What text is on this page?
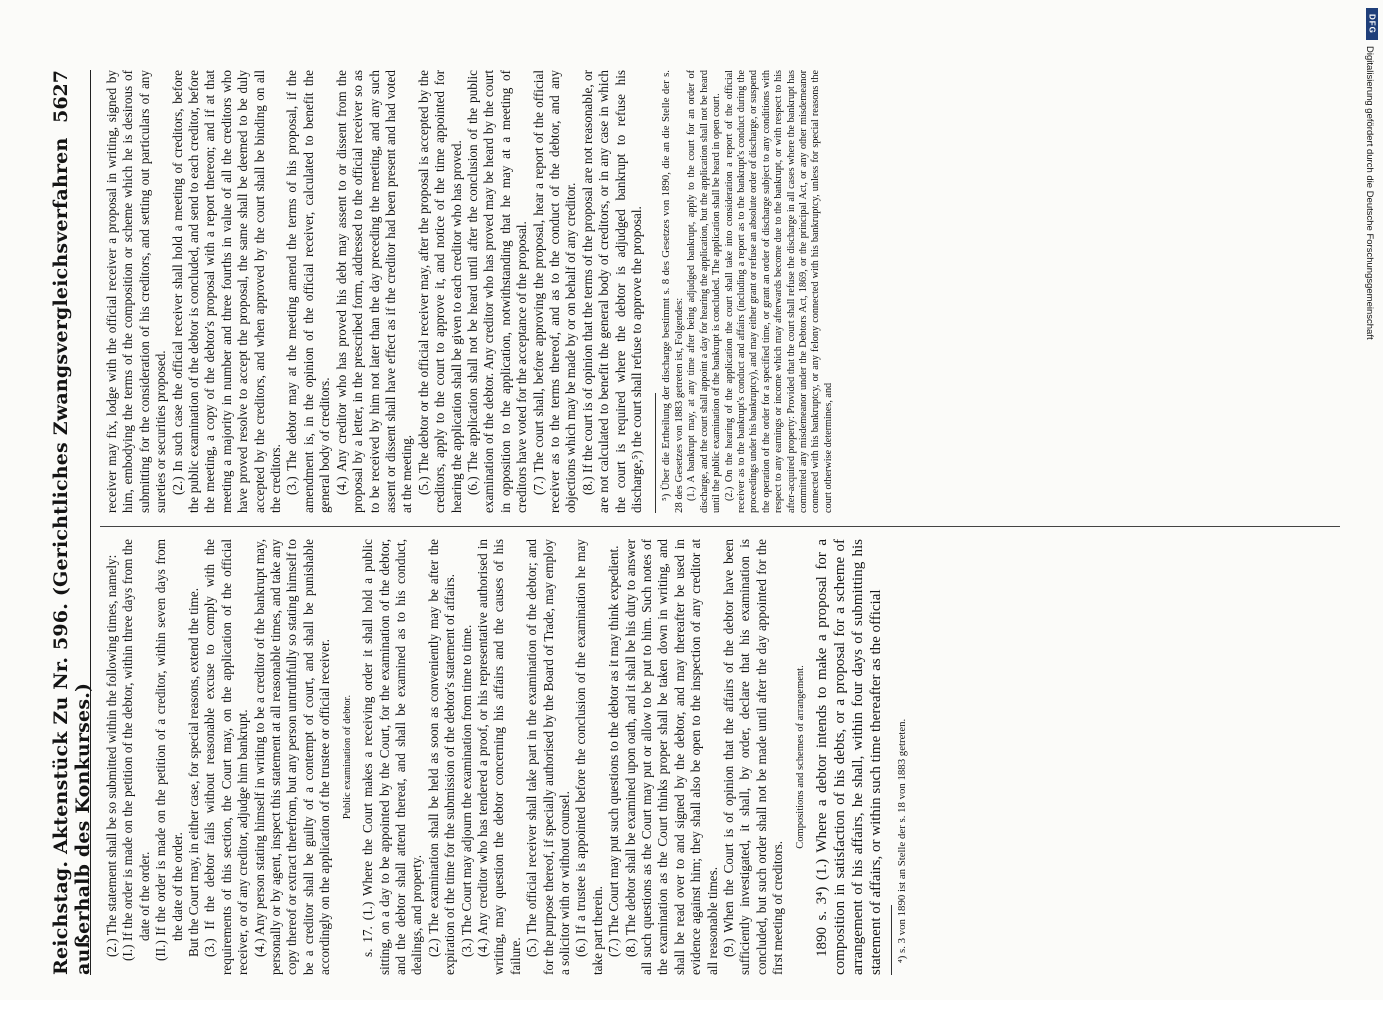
Reichstag. Aktenstück Zu Nr. 596. (Gerichtliches Zwangsvergleichsverfahren außerhalb des Konkurses.)
5627

(2.) The statement shall be so submitted within the following times, namely: (I.) If the order is made on the petition of the debtor, within three days from the date of the order. (II.) If the order is made on the petition of a creditor, within seven days from the date of the order. But the Court may, in either case, for special reasons, extend the time. (3.) If the debtor fails without reasonable excuse to comply with the requirements of this section, the Court may, on the application of the official receiver, or of any creditor, adjudge him bankrupt. (4.) Any person stating himself in writing to be a creditor of the bankrupt may, personally or by agent, inspect this statement at all reasonable times, and take any copy thereof or extract therefrom, but any person untruthfully so stating himself to be a creditor shall be guilty of a contempt of court, and shall be punishable accordingly on the application of the trustee or official receiver. Public examination of debtor. s. 17. (1.) Where the Court makes a receiving order it shall hold a public sitting, on a day to be appointed by the Court, for the examination of the debtor, and the debtor shall attend thereat, and shall be examined as to his conduct, dealings, and property. (2.) The examination shall be held as soon as conveniently may be after the expiration of the time for the submission of the debtor's statement of affairs. (3.) The Court may adjourn the examination from time to time. (4.) Any creditor who has tendered a proof, or his representative authorised in writing, may question the debtor concerning his affairs and the causes of his failure. (5.) The official receiver shall take part in the examination of the debtor; and for the purpose thereof, if specially authorised by the Board of Trade, may employ a solicitor with or without counsel. (6.) If a trustee is appointed before the conclusion of the examination he may take part therein. (7.) The Court may put such questions to the debtor as it may think expedient. (8.) The debtor shall be examined upon oath, and it shall be his duty to answer all such questions as the Court may put or allow to be put to him. Such notes of the examination as the Court thinks proper shall be taken down in writing, and shall be read over to and signed by the debtor, and may thereafter be used in evidence against him; they shall also be open to the inspection of any creditor at all reasonable times. (9.) When the Court is of opinion that the affairs of the debtor have been sufficiently investigated, it shall, by order, declare that his examination is concluded, but such order shall not be made until after the day appointed for the first meeting of creditors.

Compositions and schemes of arrangement. 1890 s. 3⁴) (1.) Where a debtor intends to make a proposal for a composition in satisfaction of his debts, or a proposal for a scheme of arrangement of his affairs, he shall, within four days of submitting his statement of affairs, or within such time thereafter as the official ⁴) s. 3 von 1890 ist an Stelle der s. 18 von 1883 getreten.

receiver may fix, lodge with the official receiver a proposal in writing, signed by him, embodying the terms of the composition or scheme which he is desirous of submitting for the consideration of his creditors, and setting out particulars of any sureties or securities proposed. (2.) In such case the official receiver shall hold a meeting of creditors, before the public examination of the debtor is concluded, and send to each creditor, before the meeting, a copy of the debtor's proposal with a report thereon; and if at that meeting a majority in number and three fourths in value of all the creditors who have proved resolve to accept the proposal, the same shall be deemed to be duly accepted by the creditors, and when approved by the court shall be binding on all the creditors. (3.) The debtor may at the meeting amend the terms of his proposal, if the amendment is, in the opinion of the official receiver, calculated to benefit the general body of creditors. (4.) Any creditor who has proved his debt may assent to or dissent from the proposal by a letter, in the prescribed form, addressed to the official receiver so as to be received by him not later than the day preceding the meeting, and any such assent or dissent shall have effect as if the creditor had been present and had voted at the meeting. (5.) The debtor or the official receiver may, after the proposal is accepted by the creditors, apply to the court to approve it, and notice of the time appointed for hearing the application shall be given to each creditor who has proved. (6.) The application shall not be heard until after the conclusion of the public examination of the debtor. Any creditor who has proved may be heard by the court in opposition to the application, notwithstanding that he may at a meeting of creditors have voted for the acceptance of the proposal. (7.) The court shall, before approving the proposal, hear a report of the official receiver as to the terms thereof, and as to the conduct of the debtor, and any objections which may be made by or on behalf of any creditor. (8.) If the court is of opinion that the terms of the proposal are not reasonable, or are not calculated to benefit the general body of creditors, or in any case in which the court is required where the debtor is adjudged bankrupt to refuse his discharge,⁵) the court shall refuse to approve the proposal. ⁵) Über die Ertheilung der discharge bestimmt s. 8 des Gesetzes von 1890, die an die Stelle der s. 28 des Gesetzes von 1883 getreten ist, Folgendes: (1.) A bankrupt may, at any time after being adjudged bankrupt, apply to the court for an order of discharge, and the court shall appoint a day for hearing the application, but the application shall not be heard until the public examination of the bankrupt is concluded. The application shall be heard in open court. (2.) On the hearing of the application the court shall take into consideration a report of the official receiver as to the bankrupt's conduct and affairs (including a report as to the bankrupt's conduct during the proceedings under his bankruptcy), and may either grant or refuse an absolute order of discharge, or suspend the operation of the order for a specified time, or grant an order of discharge subject to any conditions with respect to any earnings or income which may afterwards become due to the bankrupt, or with respect to his after-acquired property: Provided that the court shall refuse the discharge in all cases where the bankrupt has committed any misdemeanor under the Debtors Act, 1869, or the principal Act, or any other misdemeanor connected with his bankruptcy, or any felony connected with his bankruptcy, unless for special reasons the court otherwise determines, and

DFG
Digitalisierung gefördert durch die Deutsche Forschungsgemeinschaft
